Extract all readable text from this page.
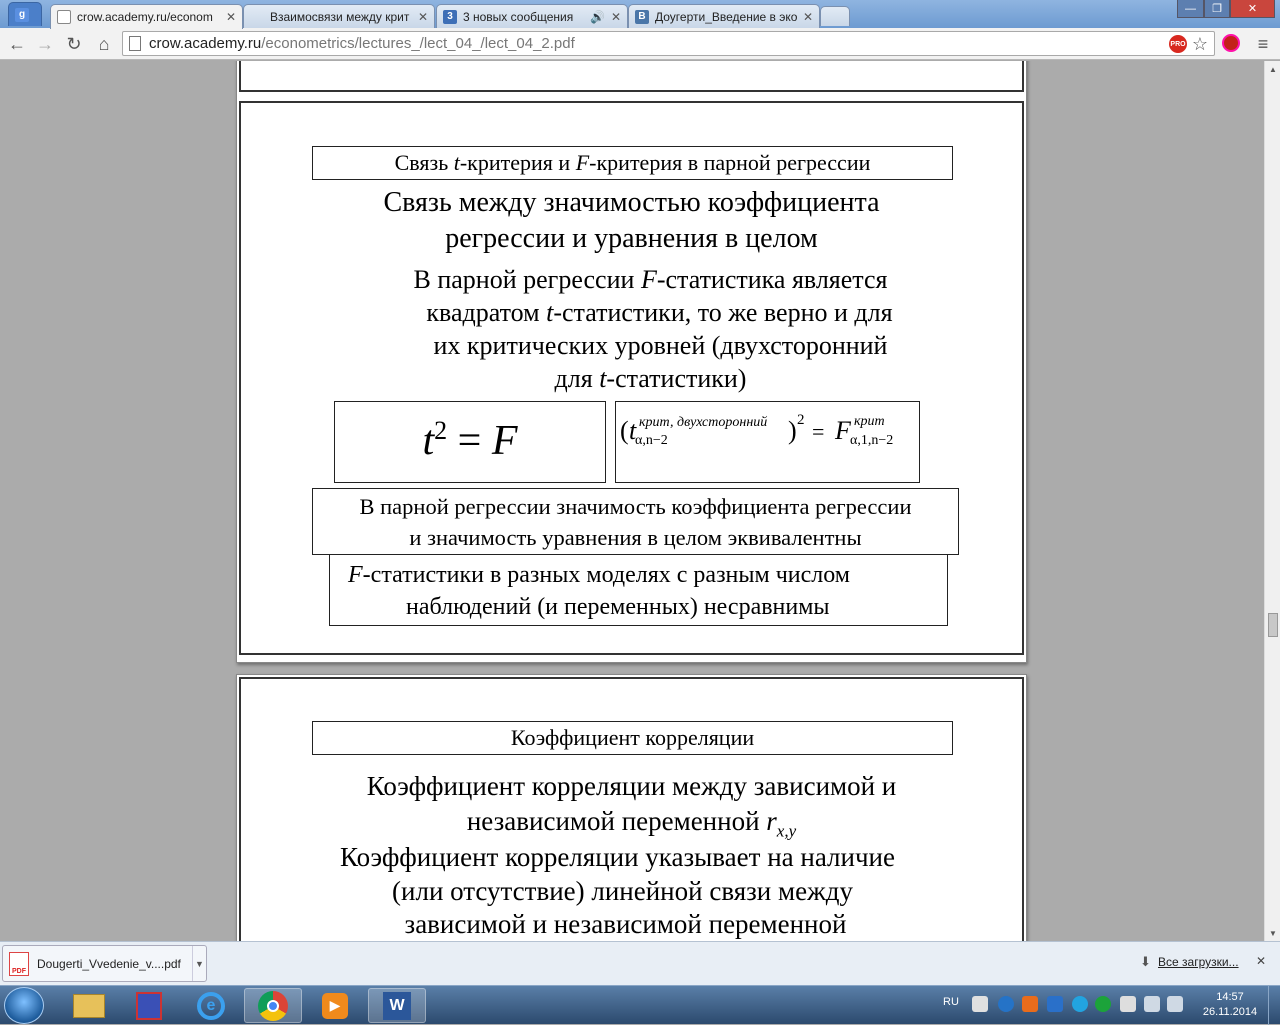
g	crow.academy.ru/econom	✕	Взаимосвязи между крит ✕	3 3 новых сообщения	🔊 ✕	B Доугерти_Введение в эко ✕
—	❐	✕
← → ↻ ⌂	crow.academy.ru /econometrics/lectures_/lect_04_/lect_04_2.pdf	PRO ☆	≡
Связь t-критерия и F-критерия в парной регрессии
Связь между значимостью коэффициента
регрессии и уравнения в целом
В парной регрессии F-статистика является
квадратом t-статистики, то же верно и для
их критических уровней (двухсторонний
для t-статистики)
$t^2 = F$	( t крит, двухсторонний
α,n−2	) 2 = F крит
α,1,n−2
В парной регрессии значимость коэффициента регрессии
и значимость уравнения в целом эквивалентны
F-статистики в разных моделях с разным числом
наблюдений (и переменных) несравнимы
Коэффициент корреляции
Коэффициент корреляции между зависимой и
независимой переменной $r_{x,y}$
Коэффициент корреляции указывает на наличие
(или отсутствие) линейной связи между
зависимой и независимой переменной
▲
▼
PDF
Dougerti_Vvedenie_v....pdf	▼	⬇ Все загрузки... ✕
e	▶	W	RU	14:57
26.11.2014
